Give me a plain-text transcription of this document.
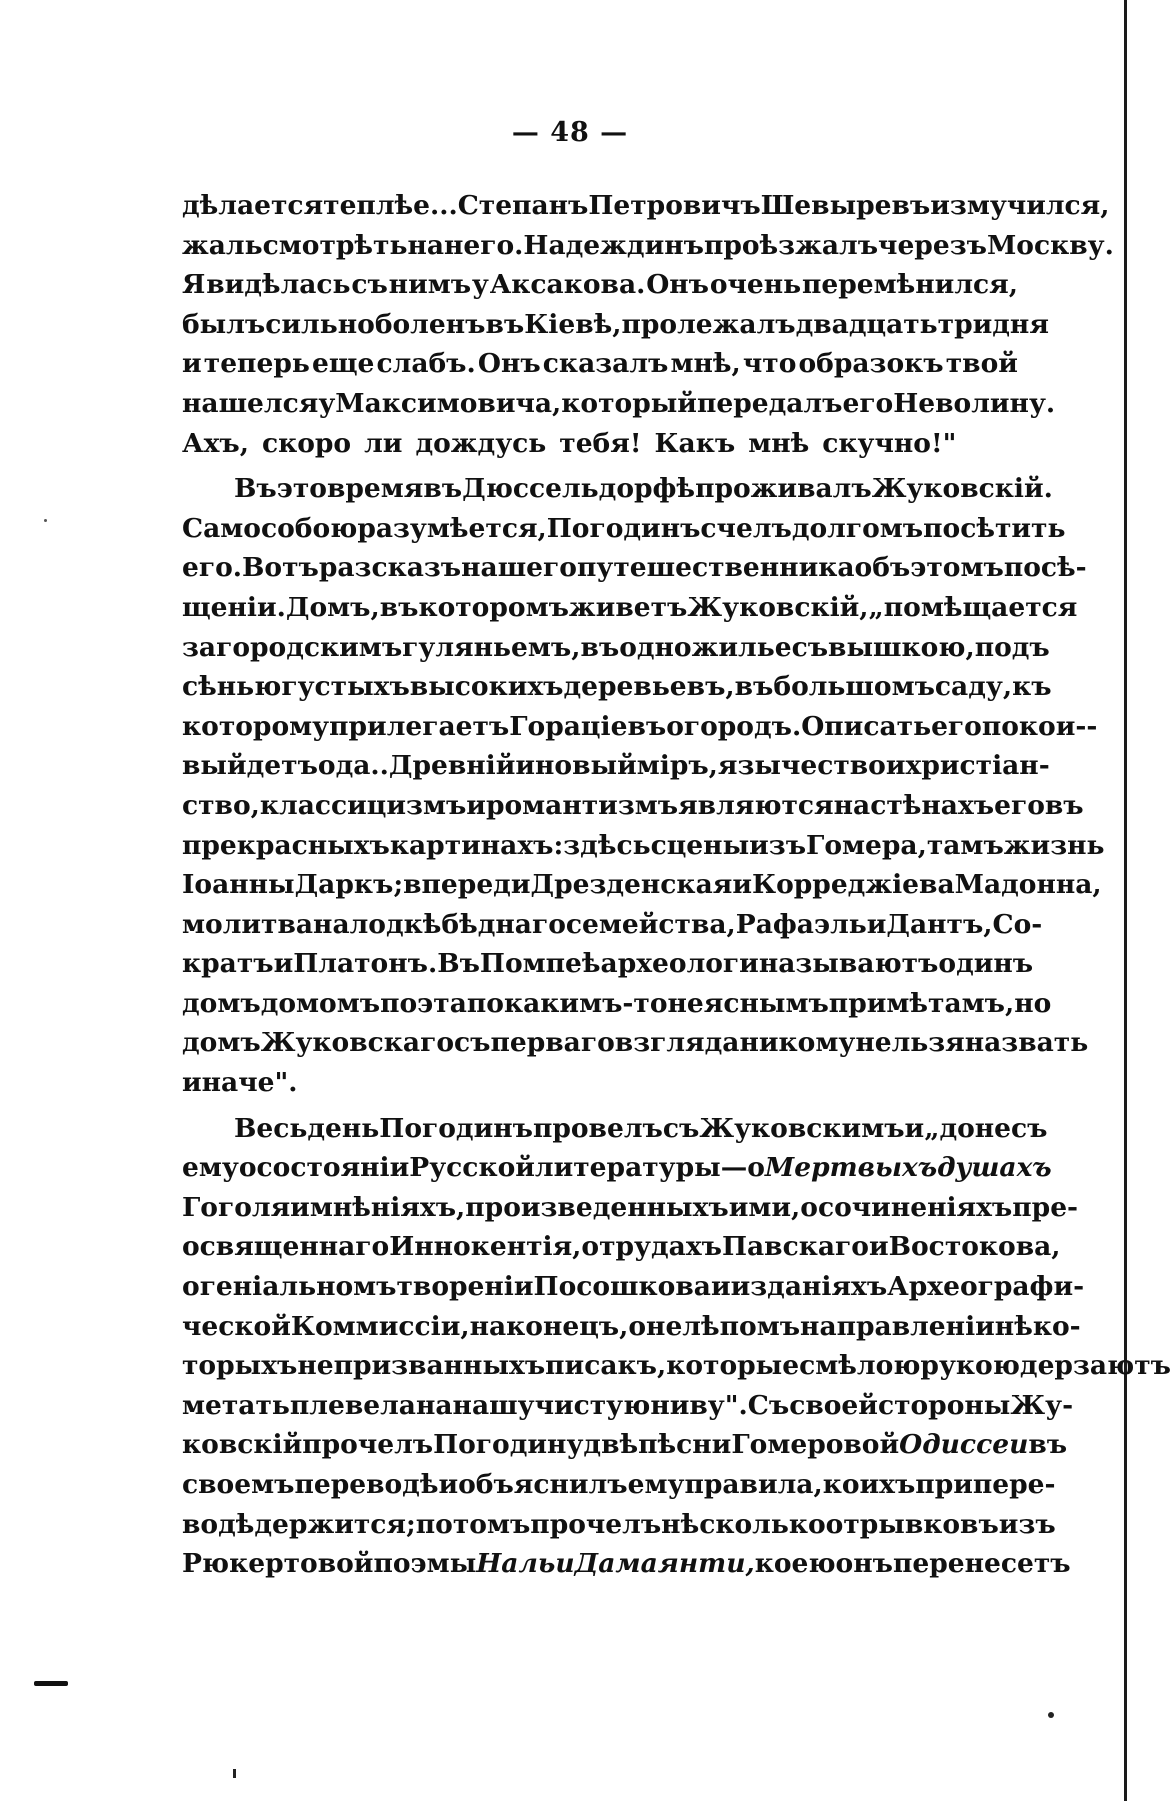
— 48 —
дѣлается теплѣе... Степанъ Петровичъ Шевыревъ измучился,
жаль смотрѣть на него. Надеждинъ проѣзжалъ черезъ Москву.
Я видѣлась съ нимъ у Аксакова. Онъ очень перемѣнился,
былъ сильно боленъ въ Кіевѣ, пролежалъ двадцать три дня
и теперь еще слабъ. Онъ сказалъ мнѣ, что образокъ твой
нашелся у Максимовича, который передалъ его Неволину.
Ахъ, скоро ли дождусь тебя! Какъ мнѣ скучно!"
Въ это время въ Дюссельдорфѣ проживалъ Жуковскій.
Само собою разумѣется, Погодинъ счелъ долгомъ посѣтить
его. Вотъ разсказъ нашего путешественника объ этомъ посѣ-
щеніи. Домъ, въ которомъ живетъ Жуковскій, „помѣщается
за городскимъ гуляньемъ, въ одно жилье съ вышкою, подъ
сѣнью густыхъ высокихъ деревьевъ, въ большомъ саду, къ
которому прилегаетъ Гораціевъ огородъ. Описать его покои --
выйдетъ ода.. Древній и новый міръ, язычество и христіан-
ство, классицизмъ и романтизмъ являются на стѣнахъ его въ
прекрасныхъ картинахъ: здѣсь сцены изъ Гомера, тамъ жизнь
Іоанны Даркъ; впереди Дрезденская и Корреджіева Мадонна,
молитва на лодкѣ бѣднаго семейства, Рафаэль и Дантъ, Со-
кратъ и Платонъ. Въ Помпеѣ археологи называютъ одинъ
домъ домомъ поэта по какимъ-то неяснымъ примѣтамъ, но
домъ Жуковскаго съ перваго взгляда никому нельзя назвать
иначе".
Весь день Погодинъ провелъ съ Жуковскимъ и „донесъ
ему о состояніи Русской литературы—о Мертвыхъ душахъ
Гоголя и мнѣніяхъ, произведенныхъ ими, о сочиненіяхъ пре-
освященнаго Иннокентія, о трудахъ Павскаго и Востокова,
о геніальномъ твореніи Посошкова и изданіяхъ Археографи-
ческой Коммиссіи, наконецъ, о нелѣпомъ направленіи нѣко-
торыхъ непризванныхъ писакъ, которые смѣлою рукою дерзаютъ
метать плевела на нашу чистую ниву". Съ своей стороны Жу-
ковскій прочелъ Погодину двѣ пѣсни Гомеровой Одиссеи въ
своемъ переводѣ и объяснилъ ему правила, коихъ при пере-
водѣ держится; потомъ прочелъ нѣсколько отрывковъ изъ
Рюкертовой поэмы Наль и Дамаянти, коею онъ перенесетъ
